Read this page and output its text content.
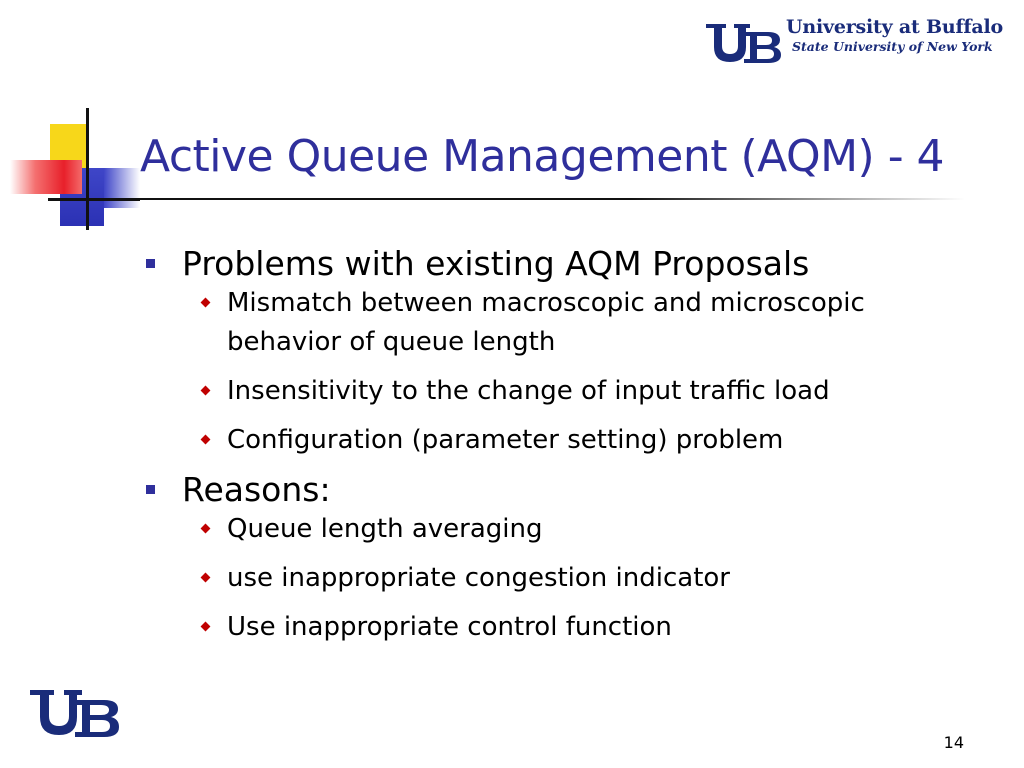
University at Buffalo
State University of New York
Active Queue Management (AQM) - 4
Problems with existing AQM Proposals
Mismatch between macroscopic and microscopic behavior of queue length
Insensitivity to the change of input traffic load
Configuration (parameter setting) problem
Reasons:
Queue length averaging
use inappropriate congestion indicator
Use inappropriate control function
14
